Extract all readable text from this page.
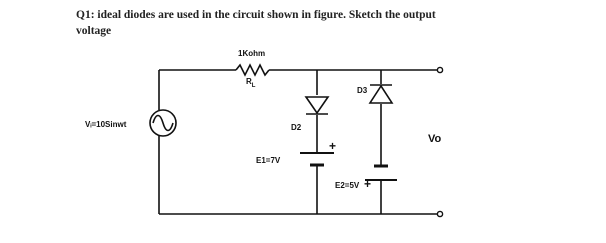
Q1: ideal diodes are used in the circuit shown in figure. Sketch the output
voltage
1Kohm
$R_L$
Vᵢ=10Sinwt	D2
D3
E1=7V
E2=5V
+
+
Vo
